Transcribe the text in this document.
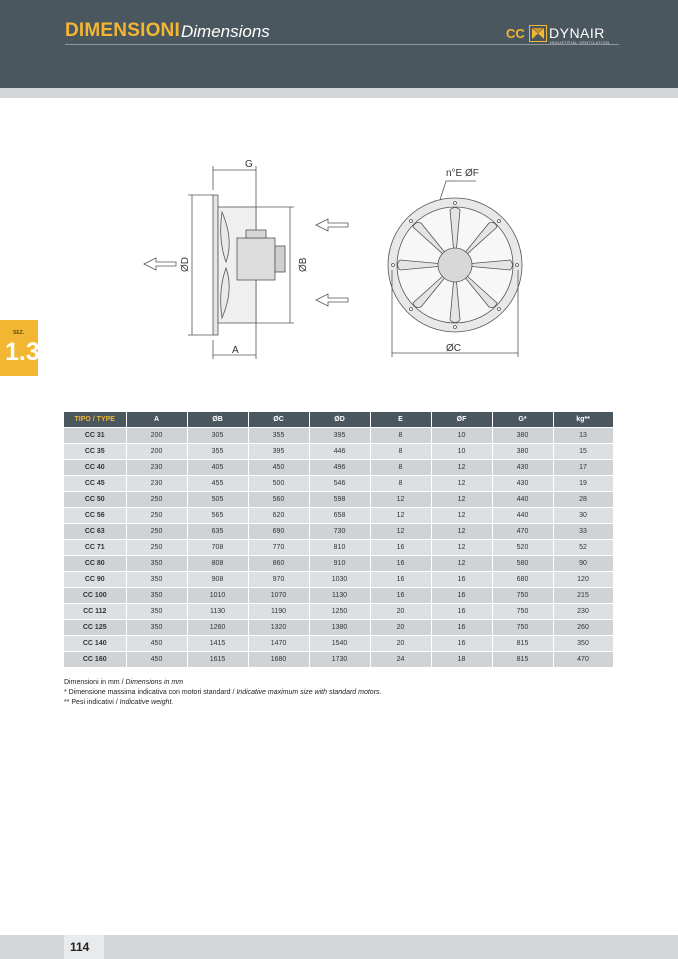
DIMENSIONI Dimensions	CC DYNAIR
INDUSTRIAL VENTILATION
SEZ.
1.3
G
A
n°E ØF
ØC
ØD	ØB
TIPO / TYPE	A	ØB	ØC	ØD	E	ØF	G*	kg**
CC 31	200	305	355	395	8	10	380	13
CC 35	200	355	395	446	8	10	380	15
CC 40	230	405	450	496	8	12	430	17
CC 45	230	455	500	546	8	12	430	19
CC 50	250	505	560	598	12	12	440	28
CC 56	250	565	620	658	12	12	440	30
CC 63	250	635	690	730	12	12	470	33
CC 71	250	708	770	810	16	12	520	52
CC 80	350	808	860	910	16	12	580	90
CC 90	350	908	970	1030	16	16	680	120
CC 100	350	1010	1070	1130	16	16	750	215
CC 112	350	1130	1190	1250	20	16	750	230
CC 125	350	1260	1320	1380	20	16	750	260
CC 140	450	1415	1470	1540	20	16	815	350
CC 160	450	1615	1680	1730	24	18	815	470
Dimensioni in mm / Dimensions in mm
* Dimensione massima indicativa con motori standard / Indicative maximum size with standard motors.
** Pesi indicativi / Indicative weight.
114
